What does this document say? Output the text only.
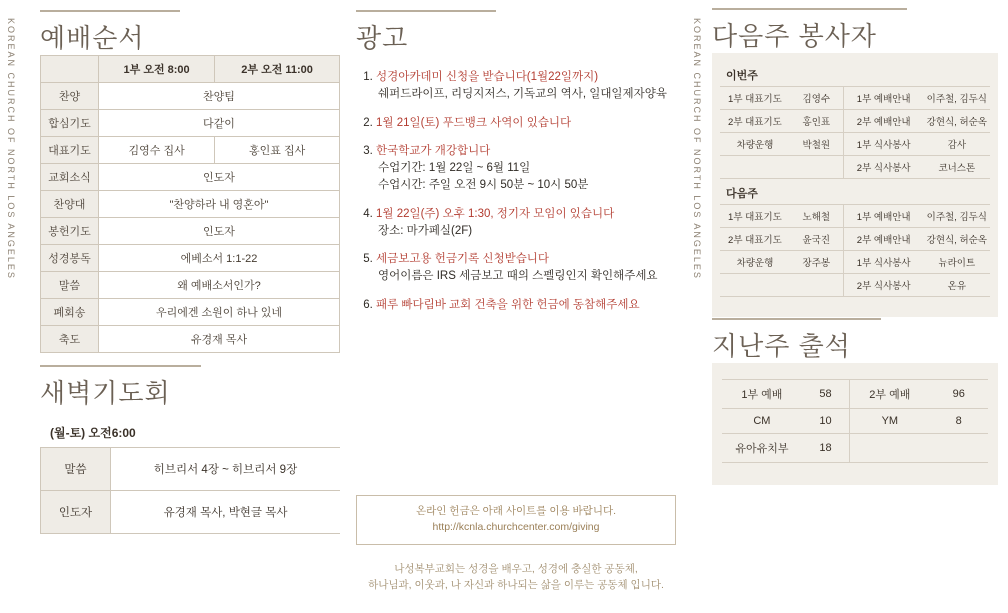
KOREAN CHURCH OF NORTH LOS ANGELES	KOREAN CHURCH OF NORTH LOS ANGELES
예배순서
	1부 오전 8:00	2부 오전 11:00
찬양	찬양팀	
합심기도	다같이	
대표기도	김영수 집사	홍인표 집사
교회소식	인도자	
찬양대	"찬양하라 내 영혼아"	
봉헌기도	인도자	
성경봉독	에베소서 1:1-22	
말씀	왜 예배소서인가?	
폐회송	우리에겐 소원이 하나 있네	
축도	유경재 목사	
광고
1. 성경아카데미 신청을 받습니다(1월22일까지)
쉐퍼드라이프, 리딩지저스, 기독교의 역사, 일대일제자양육
2. 1월 21일(토) 푸드뱅크 사역이 있습니다
3. 한국학교가 개강합니다
수업기간: 1월 22일 ~ 6월 11일
수업시간: 주일 오전 9시 50분 ~ 10시 50분
4. 1월 22일(주) 오후 1:30, 정기자 모임이 있습니다
장소: 마가페실(2F)
5. 세금보고용 헌금기록 신청받습니다
영어이름은 IRS 세금보고 때의 스펠링인지 확인해주세요
6. 패루 빠다림바 교회 건축을 위한 헌금에 동참해주세요
새벽기도회
(월-토) 오전6:00
말씀	히브리서 4장 ~ 히브리서 9장
인도자	유경재 목사, 박현글 목사
다음주 봉사자
이번주
1부 대표기도	김영수	1부 예배안내	이주철, 김두식
2부 대표기도	홍인표	2부 예배안내	강현식, 허순옥
차량운행	박철원	1부 식사봉사	감사
		2부 식사봉사	코너스톤
다음주
1부 대표기도	노해철	1부 예배안내	이주철, 김두식
2부 대표기도	윤국진	2부 예배안내	강현식, 허순옥
차량운행	장주봉	1부 식사봉사	뉴라이트
		2부 식사봉사	온유
지난주 출석
1부 예배	58	2부 예배	96
CM	10	YM	8
유아유치부	18		
온라인 헌금은 아래 사이트를 이용 바랍니다.
http://kcnla.churchcenter.com/giving
나성복부교회는 성경을 배우고, 성경에 충실한 공동체,
하나님과, 이웃과, 나 자신과 하나되는 삶을 이루는 공동체 입니다.
